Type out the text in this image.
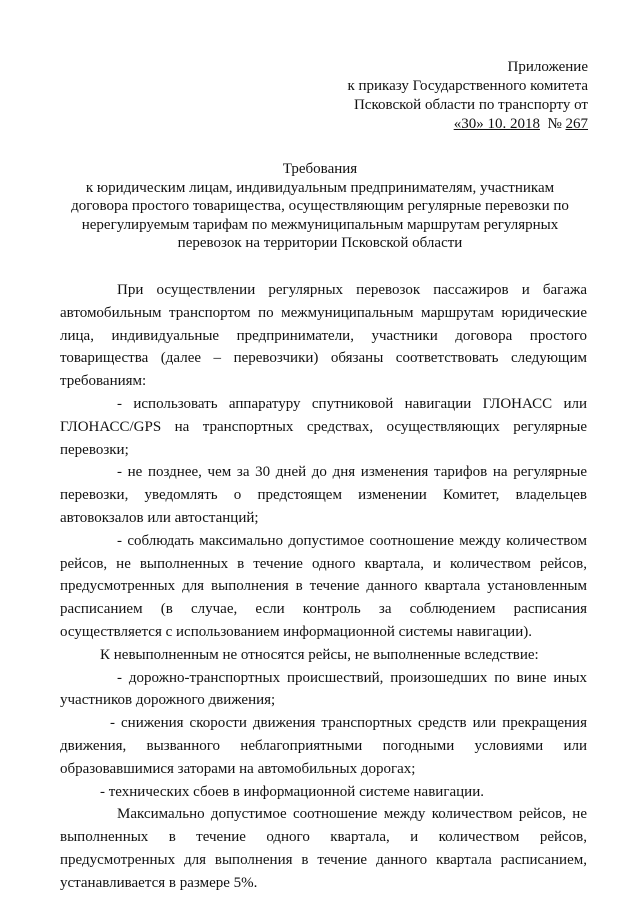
Приложение
к приказу Государственного комитета
Псковской области по транспорту от
«30» 10. 2018 № 267
Требования
к юридическим лицам, индивидуальным предпринимателям, участникам
договора простого товарищества, осуществляющим регулярные перевозки по
нерегулируемым тарифам по межмуниципальным маршрутам регулярных
перевозок на территории Псковской области

При осуществлении регулярных перевозок пассажиров и багажа автомобильным транспортом по межмуниципальным маршрутам юридические лица, индивидуальные предприниматели, участники договора простого товарищества (далее – перевозчики) обязаны соответствовать следующим требованиям:

- использовать аппаратуру спутниковой навигации ГЛОНАСС или ГЛОНАСС/GPS на транспортных средствах, осуществляющих регулярные перевозки;

- не позднее, чем за 30 дней до дня изменения тарифов на регулярные перевозки, уведомлять о предстоящем изменении Комитет, владельцев автовокзалов или автостанций;

- соблюдать максимально допустимое соотношение между количеством рейсов, не выполненных в течение одного квартала, и количеством рейсов, предусмотренных для выполнения в течение данного квартала установленным расписанием (в случае, если контроль за соблюдением расписания осуществляется с использованием информационной системы навигации).

К невыполненным не относятся рейсы, не выполненные вследствие:

- дорожно-транспортных происшествий, произошедших по вине иных участников дорожного движения;

- снижения скорости движения транспортных средств или прекращения движения, вызванного неблагоприятными погодными условиями или образовавшимися заторами на автомобильных дорогах;

- технических сбоев в информационной системе навигации.

Максимально допустимое соотношение между количеством рейсов, не выполненных в течение одного квартала, и количеством рейсов, предусмотренных для выполнения в течение данного квартала расписанием, устанавливается в размере 5%.
